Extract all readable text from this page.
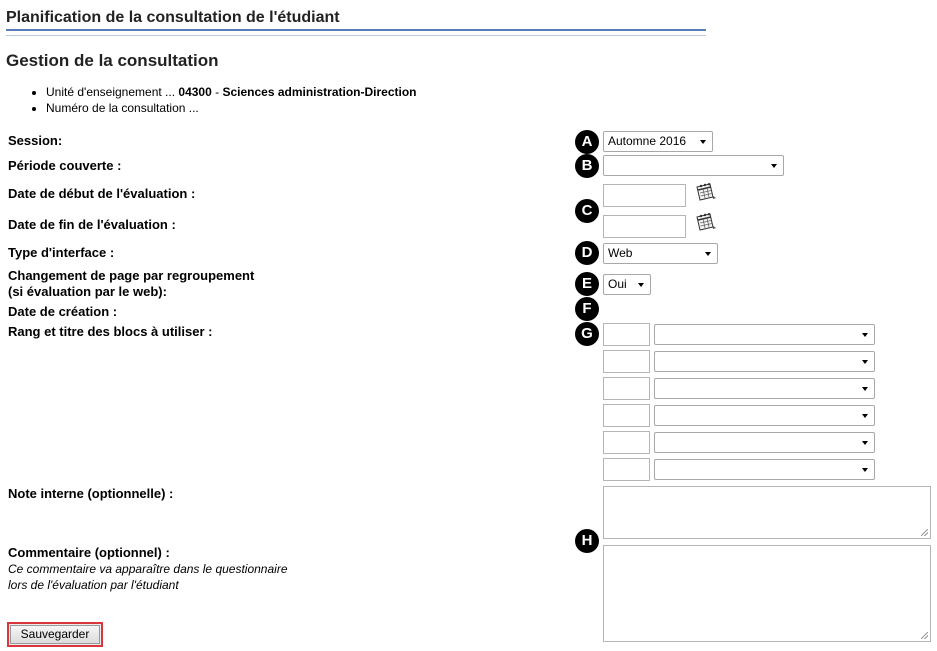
Planification de la consultation de l'étudiant
Gestion de la consultation
• Unité d'enseignement ... 04300 - Sciences administration-Direction
• Numéro de la consultation ...
Session:
Période couverte :
Date de début de l'évaluation :
Date de fin de l'évaluation :
Type d'interface :
Changement de page par regroupement
(si évaluation par le web):
Date de création :
Rang et titre des blocs à utiliser :
Note interne (optionnelle) :
Commentaire (optionnel) :
Ce commentaire va apparaître dans le questionnaire
lors de l'évaluation par l'étudiant
A
B
C
D
E
F
G
H
Automne 2016
Web
Oui
Sauvegarder
